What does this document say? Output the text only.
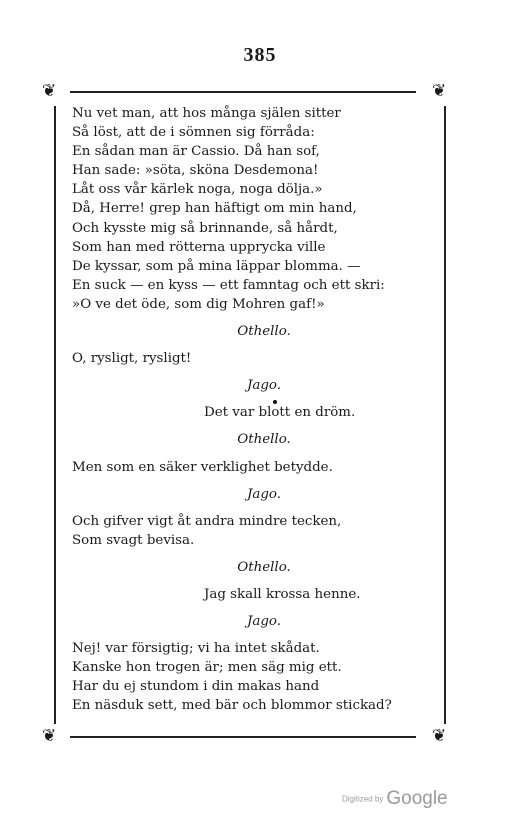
385
❦	❦
❦	❦
Nu vet man, att hos många själen sitter
Så löst, att de i sömnen sig förråda:
En sådan man är Cassio. Då han sof,
Han sade: »söta, sköna Desdemona!
Låt oss vår kärlek noga, noga dölja.»
Då, Herre! grep han häftigt om min hand,
Och kysste mig så brinnande, så hårdt,
Som han med rötterna upprycka ville
De kyssar, som på mina läppar blomma. —
En suck — en kyss — ett famntag och ett skri:
»O ve det öde, som dig Mohren gaf!»
Othello.
O, rysligt, rysligt!
Jago.
Det var blott en dröm.
Othello.
Men som en säker verklighet betydde.
Jago.
Och gifver vigt åt andra mindre tecken,
Som svagt bevisa.
Othello.
Jag skall krossa henne.
Jago.
Nej! var försigtig; vi ha intet skådat.
Kanske hon trogen är; men säg mig ett.
Har du ej stundom i din makas hand
En näsduk sett, med bär och blommor stickad?
Digitized by Google
